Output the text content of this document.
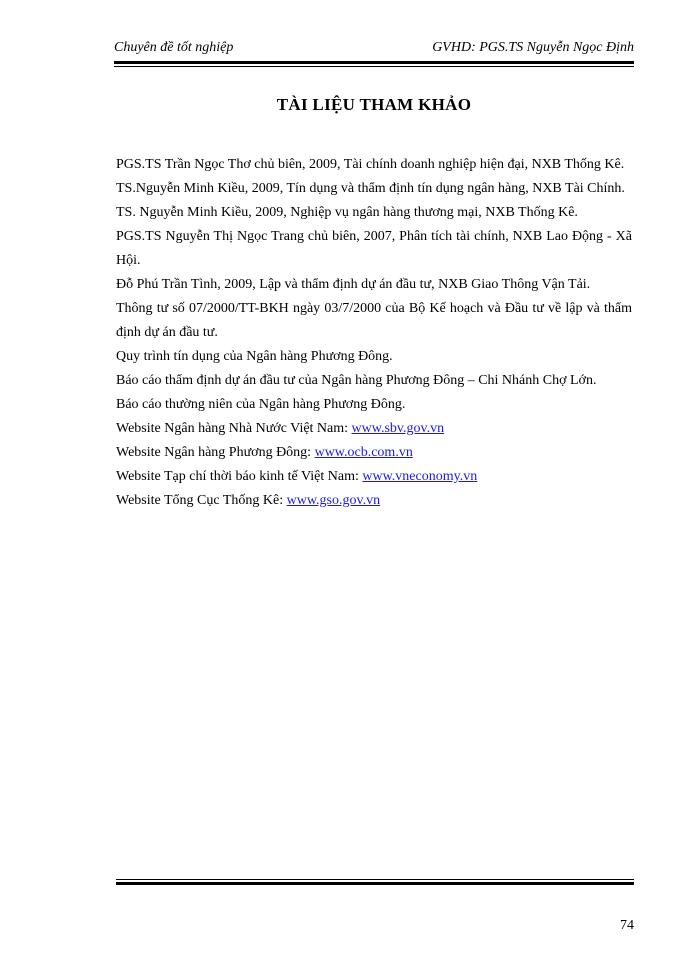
Chuyên đề tốt nghiệp	GVHD: PGS.TS Nguyễn Ngọc Định
TÀI LIỆU THAM KHẢO

PGS.TS Trần Ngọc Thơ chủ biên, 2009, Tài chính doanh nghiệp hiện đại, NXB Thống Kê.

TS.Nguyễn Minh Kiều, 2009, Tín dụng và thẩm định tín dụng ngân hàng, NXB Tài Chính.

TS. Nguyễn Minh Kiều, 2009, Nghiệp vụ ngân hàng thương mại, NXB Thống Kê.

PGS.TS Nguyễn Thị Ngọc Trang chủ biên, 2007, Phân tích tài chính, NXB Lao Động - Xã Hội.

Đỗ Phú Trần Tình, 2009, Lập và thẩm định dự án đầu tư, NXB Giao Thông Vận Tải.

Thông tư số 07/2000/TT-BKH ngày 03/7/2000 của Bộ Kế hoạch và Đầu tư về lập và thẩm định dự án đầu tư.

Quy trình tín dụng của Ngân hàng Phương Đông.

Báo cáo thẩm định dự án đầu tư của Ngân hàng Phương Đông – Chi Nhánh Chợ Lớn.

Báo cáo thường niên của Ngân hàng Phương Đông.

Website Ngân hàng Nhà Nước Việt Nam: www.sbv.gov.vn

Website Ngân hàng Phương Đông: www.ocb.com.vn

Website Tạp chí thời báo kinh tế Việt Nam: www.vneconomy.vn

Website Tổng Cục Thống Kê: www.gso.gov.vn

74
